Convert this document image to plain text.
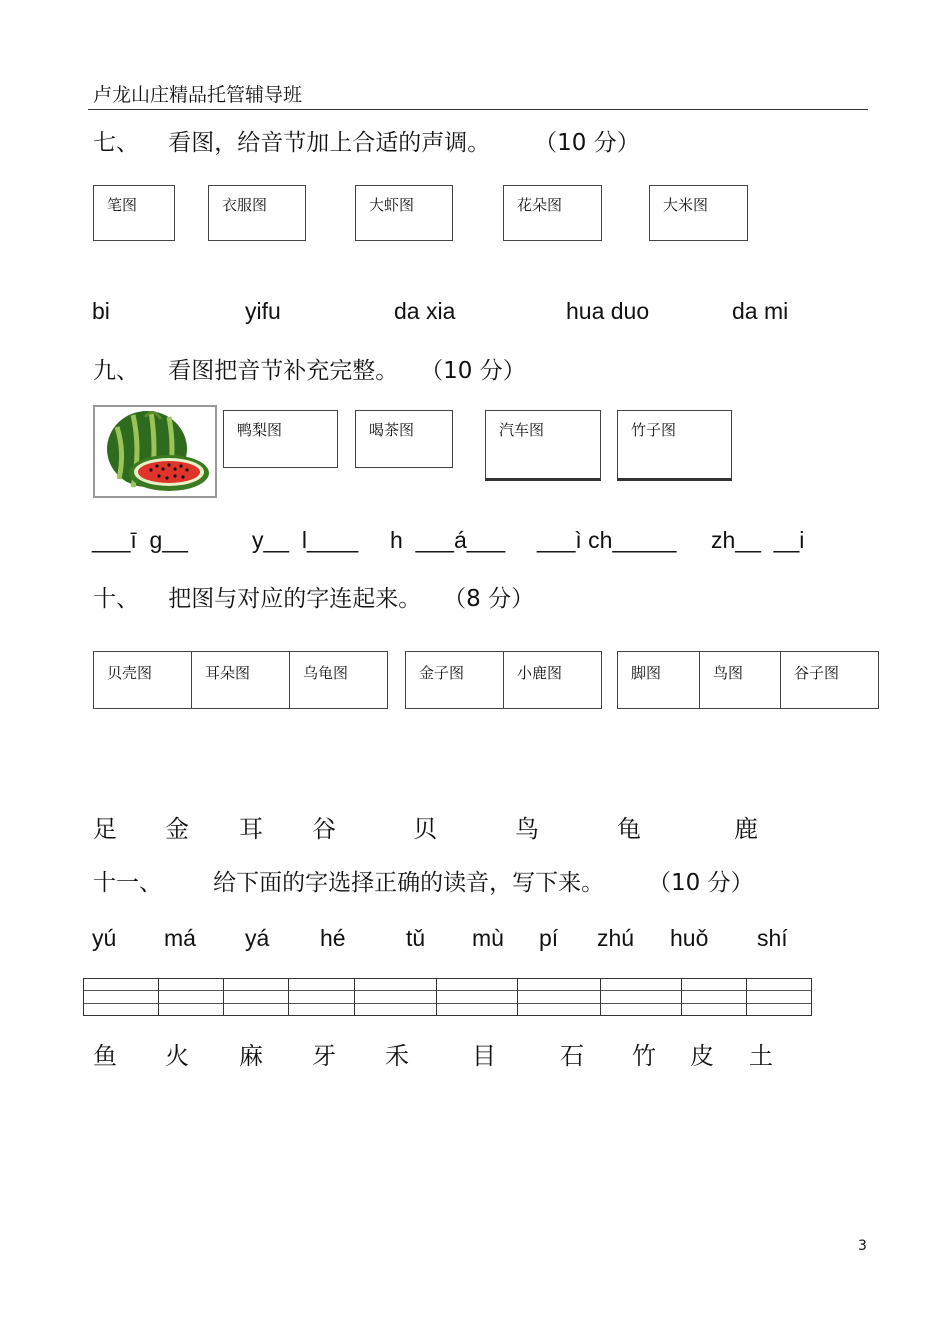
卢龙山庄精品托管辅导班
七、    看图，给音节加上合适的声调。      （10 分）
笔图	衣服图	大虾图	花朵图	大米图
bi	yifu	da xia	hua duo	da mi
九、    看图把音节补充完整。   （10 分）
鸭梨图	喝茶图	汽车图	竹子图
___ī  g__	y__  l____ h  ___á___ ___ì ch_____ zh__  __i
十、    把图与对应的字连起来。   （8 分）
贝壳图	耳朵图	乌龟图	金子图	小鹿图	脚图	鸟图	谷子图
足 金 耳 谷	贝	鸟	龟	鹿
十一、       给下面的字选择正确的读音，写下来。      （10 分）
yú má yá hé	tǔ mù pí zhú huǒ shí
鱼 火 麻 牙 禾	目	石 竹 皮 土
3
